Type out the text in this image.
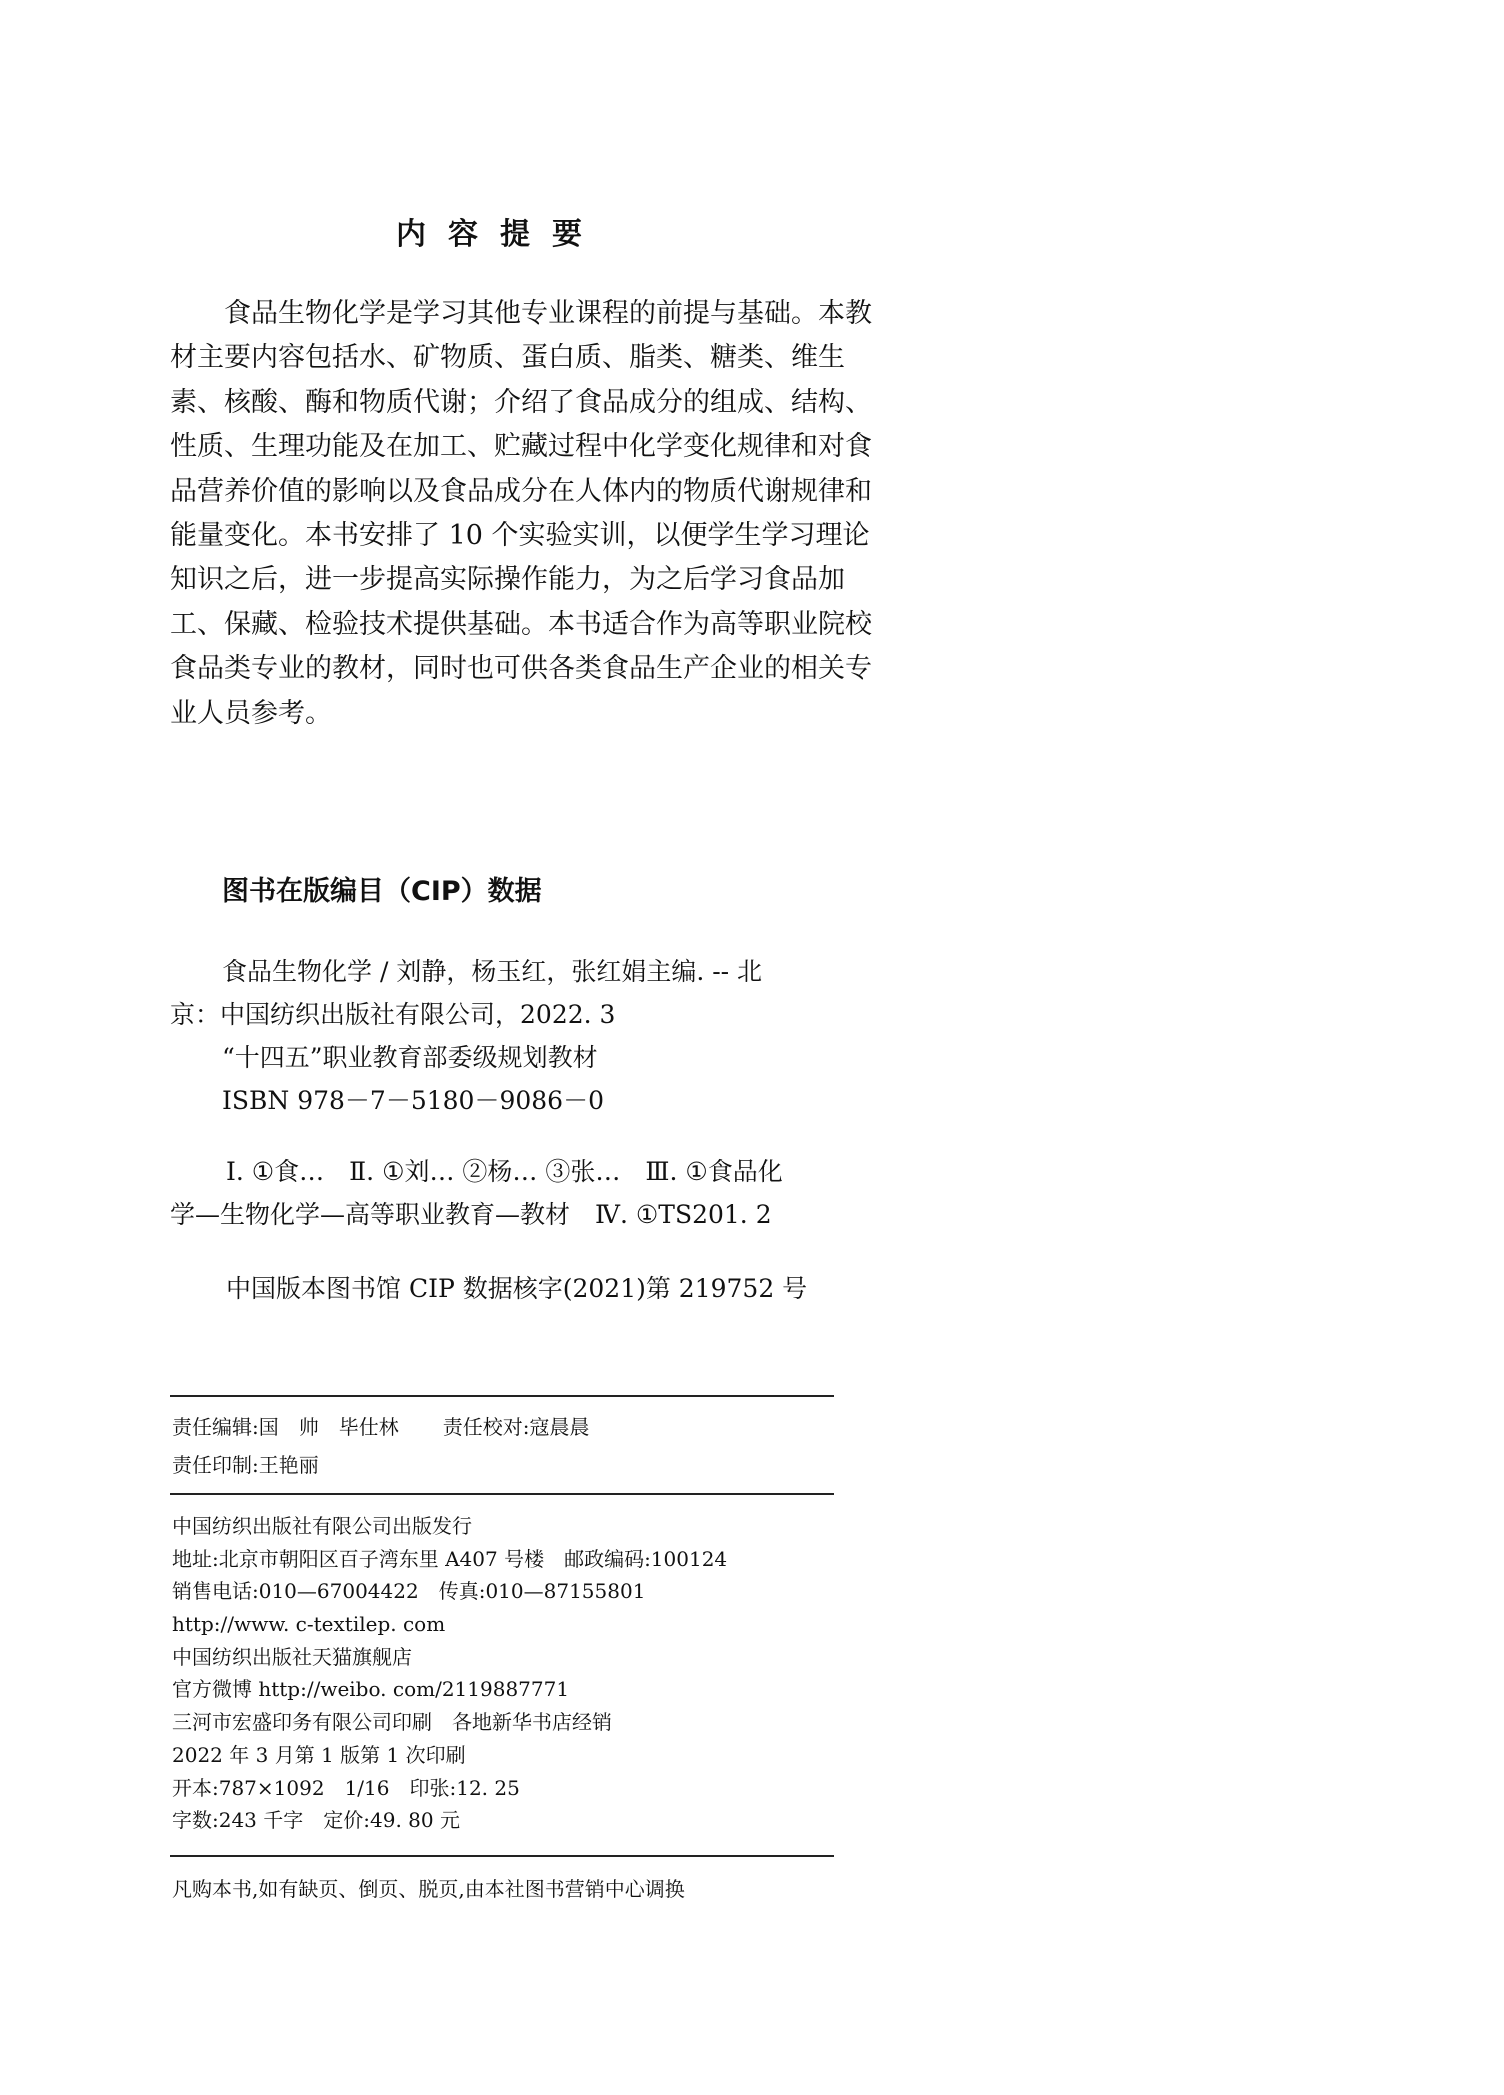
内容提要
　　食品生物化学是学习其他专业课程的前提与基础。本教
材主要内容包括水、矿物质、蛋白质、脂类、糖类、维生
素、核酸、酶和物质代谢；介绍了食品成分的组成、结构、
性质、生理功能及在加工、贮藏过程中化学变化规律和对食
品营养价值的影响以及食品成分在人体内的物质代谢规律和
能量变化。本书安排了 10 个实验实训，以便学生学习理论
知识之后，进一步提高实际操作能力，为之后学习食品加
工、保藏、检验技术提供基础。本书适合作为高等职业院校
食品类专业的教材，同时也可供各类食品生产企业的相关专
业人员参考。
图书在版编目（CIP）数据
食品生物化学 / 刘静，杨玉红，张红娟主编. -- 北
京：中国纺织出版社有限公司，2022. 3
“十四五”职业教育部委级规划教材
ISBN 978－7－5180－9086－0
Ⅰ. ①食…　Ⅱ. ①刘… ②杨… ③张…　Ⅲ. ①食品化
学—生物化学—高等职业教育—教材　Ⅳ. ①TS201. 2
中国版本图书馆 CIP 数据核字(2021)第 219752 号
责任编辑:国　帅　毕仕林 责任校对:寇晨晨
责任印制:王艳丽
中国纺织出版社有限公司出版发行
地址:北京市朝阳区百子湾东里 A407 号楼　邮政编码:100124
销售电话:010—67004422　传真:010—87155801
http://www. c-textilep. com
中国纺织出版社天猫旗舰店
官方微博 http://weibo. com/2119887771
三河市宏盛印务有限公司印刷　各地新华书店经销
2022 年 3 月第 1 版第 1 次印刷
开本:787×1092　1/16　印张:12. 25
字数:243 千字　定价:49. 80 元
凡购本书,如有缺页、倒页、脱页,由本社图书营销中心调换
